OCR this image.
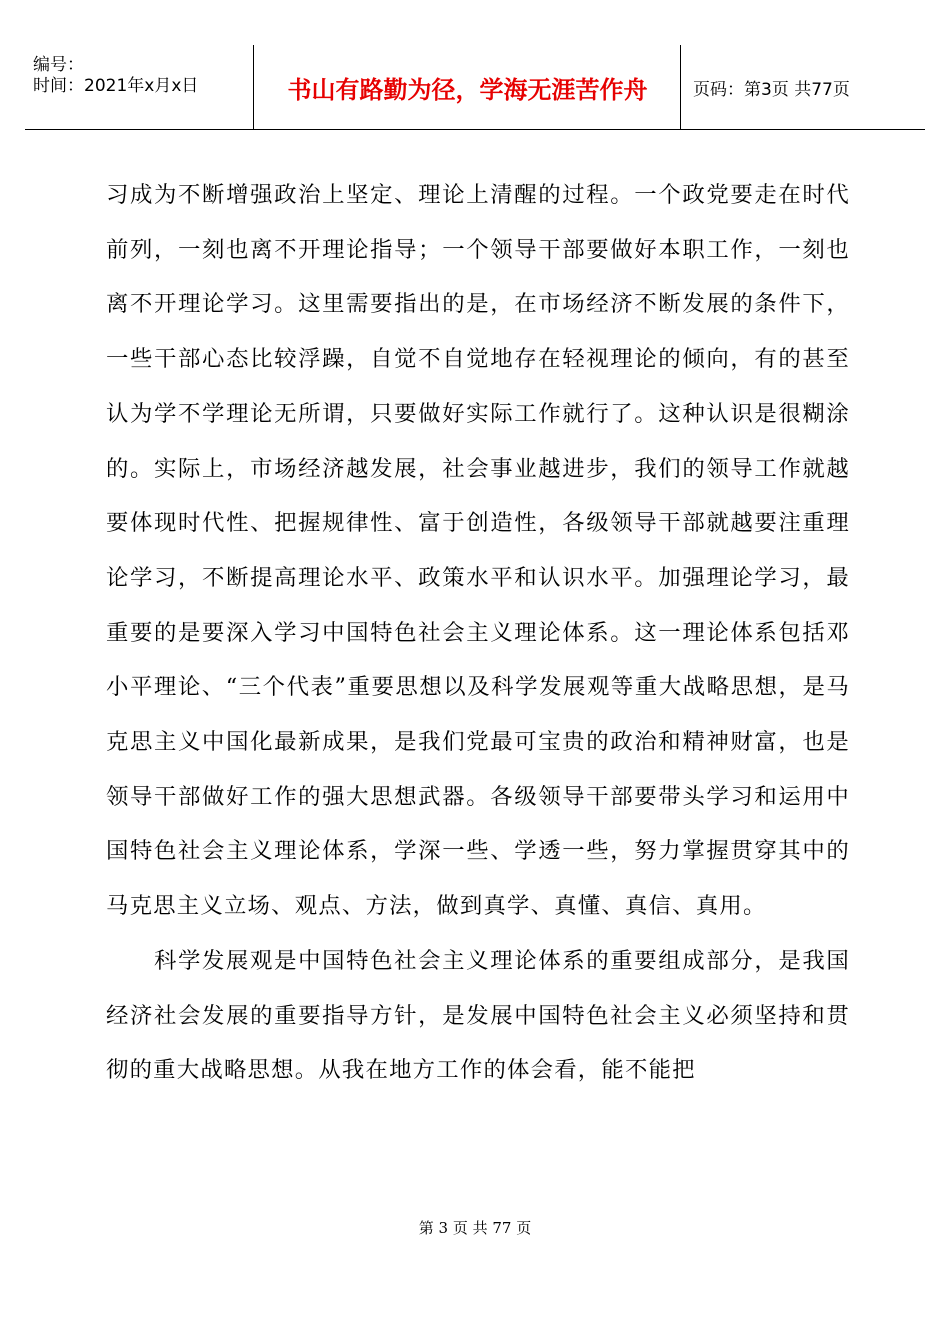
编号：
时间：2021年x月x日	书山有路勤为径，学海无涯苦作舟	页码：第3页 共77页

习成为不断增强政治上坚定、理论上清醒的过程。一个政党要走在时代前列，一刻也离不开理论指导；一个领导干部要做好本职工作，一刻也离不开理论学习。这里需要指出的是，在市场经济不断发展的条件下，一些干部心态比较浮躁，自觉不自觉地存在轻视理论的倾向，有的甚至认为学不学理论无所谓，只要做好实际工作就行了。这种认识是很糊涂的。实际上，市场经济越发展，社会事业越进步，我们的领导工作就越要体现时代性、把握规律性、富于创造性，各级领导干部就越要注重理论学习，不断提高理论水平、政策水平和认识水平。加强理论学习，最重要的是要深入学习中国特色社会主义理论体系。这一理论体系包括邓小平理论、“三个代表”重要思想以及科学发展观等重大战略思想，是马克思主义中国化最新成果，是我们党最可宝贵的政治和精神财富，也是领导干部做好工作的强大思想武器。各级领导干部要带头学习和运用中国特色社会主义理论体系，学深一些、学透一些，努力掌握贯穿其中的马克思主义立场、观点、方法，做到真学、真懂、真信、真用。

科学发展观是中国特色社会主义理论体系的重要组成部分，是我国经济社会发展的重要指导方针，是发展中国特色社会主义必须坚持和贯彻的重大战略思想。从我在地方工作的体会看，能不能把

第 3 页 共 77 页
